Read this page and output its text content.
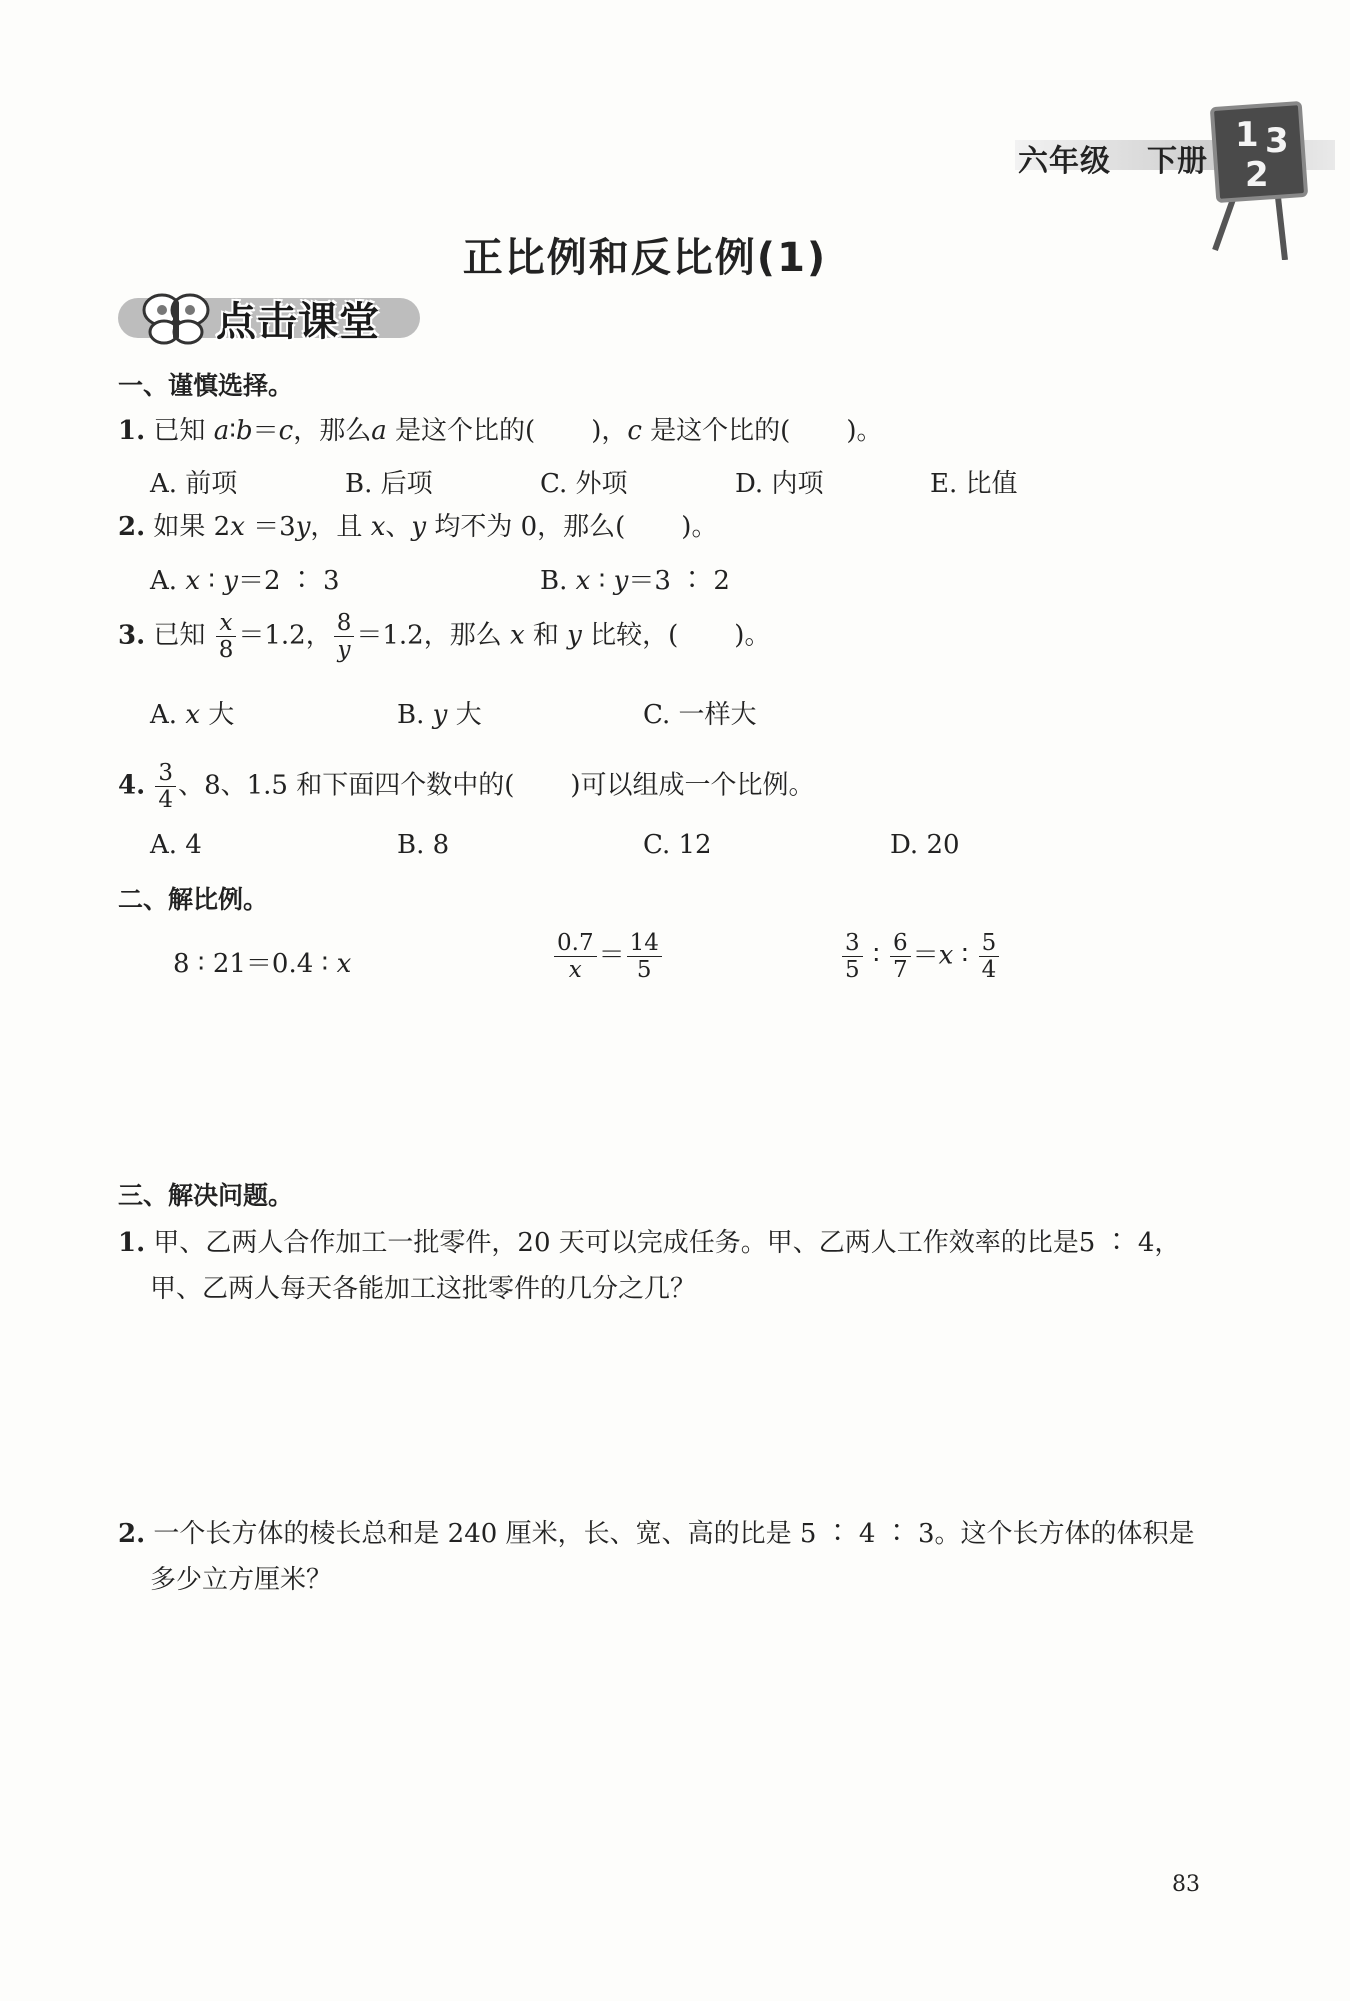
六年级 下册
1 3
2
正比例和反比例(1)
点击课堂
一、谨慎选择。
1. 已知 a∶b＝c，那么a 是这个比的( )，c 是这个比的( )。
A. 前项	B. 后项	C. 外项	D. 内项	E. 比值
2. 如果 2x ＝3y，且 x、y 均不为 0，那么( )。
A. x ∶ y＝2 ∶ 3	B. x ∶ y＝3 ∶ 2
3. 已知 $\frac{x}{8} =1.2$， $\frac{8}{y} =1.2$，那么 x 和 y 比较，( )。
A. x 大	B. y 大	C. 一样大
4. $\frac{3}{4}$ 、8、1.5 和下面四个数中的( )可以组成一个比例。
A. 4	B. 8	C. 12	D. 20
二、解比例。
8 ∶ 21＝0.4 ∶ x	$\frac{0.7}{x} = \frac{14}{5}$	$\frac{3}{5}$ ∶ $\frac{6}{7} =x$ ∶ $\frac{5}{4}$
三、解决问题。
1. 甲、乙两人合作加工一批零件，20 天可以完成任务。甲、乙两人工作效率的比是5 ∶ 4，
甲、乙两人每天各能加工这批零件的几分之几？
2. 一个长方体的棱长总和是 240 厘米，长、宽、高的比是 5 ∶ 4 ∶ 3。这个长方体的体积是
多少立方厘米？
83
